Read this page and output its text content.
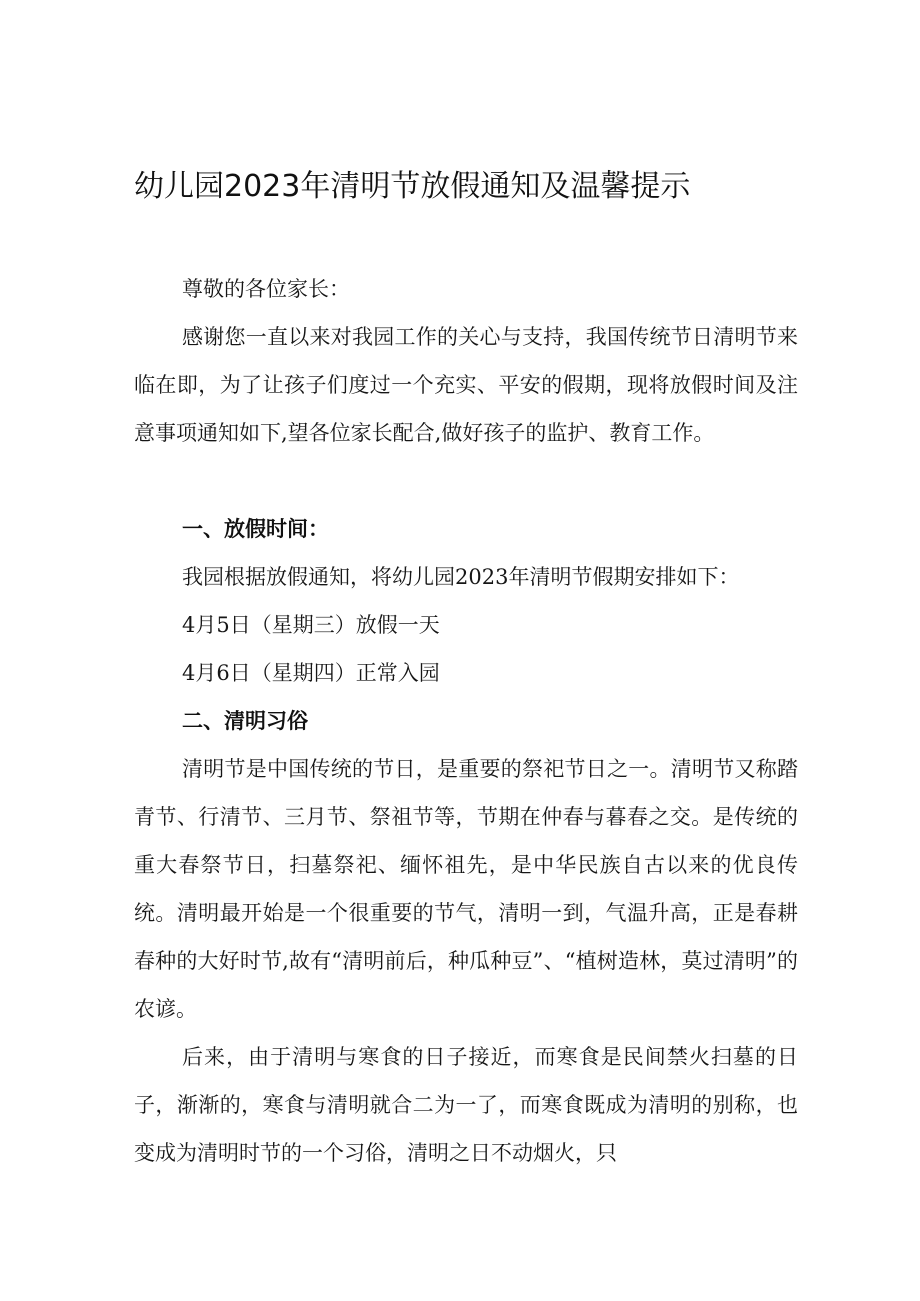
幼儿园2023年清明节放假通知及温馨提示

尊敬的各位家长：

感谢您一直以来对我园工作的关心与支持，我国传统节日清明节来临在即，为了让孩子们度过一个充实、平安的假期，现将放假时间及注意事项通知如下,望各位家长配合,做好孩子的监护、教育工作。

一、放假时间：

我园根据放假通知，将幼儿园2023年清明节假期安排如下：

4月5日（星期三）放假一天

4月6日（星期四）正常入园

二、清明习俗

清明节是中国传统的节日，是重要的祭祀节日之一。清明节又称踏青节、行清节、三月节、祭祖节等，节期在仲春与暮春之交。是传统的重大春祭节日，扫墓祭祀、缅怀祖先，是中华民族自古以来的优良传统。清明最开始是一个很重要的节气，清明一到，气温升高，正是春耕春种的大好时节,故有“清明前后，种瓜种豆”、“植树造林，莫过清明”的农谚。

后来，由于清明与寒食的日子接近，而寒食是民间禁火扫墓的日子，渐渐的，寒食与清明就合二为一了，而寒食既成为清明的别称，也变成为清明时节的一个习俗，清明之日不动烟火，只
